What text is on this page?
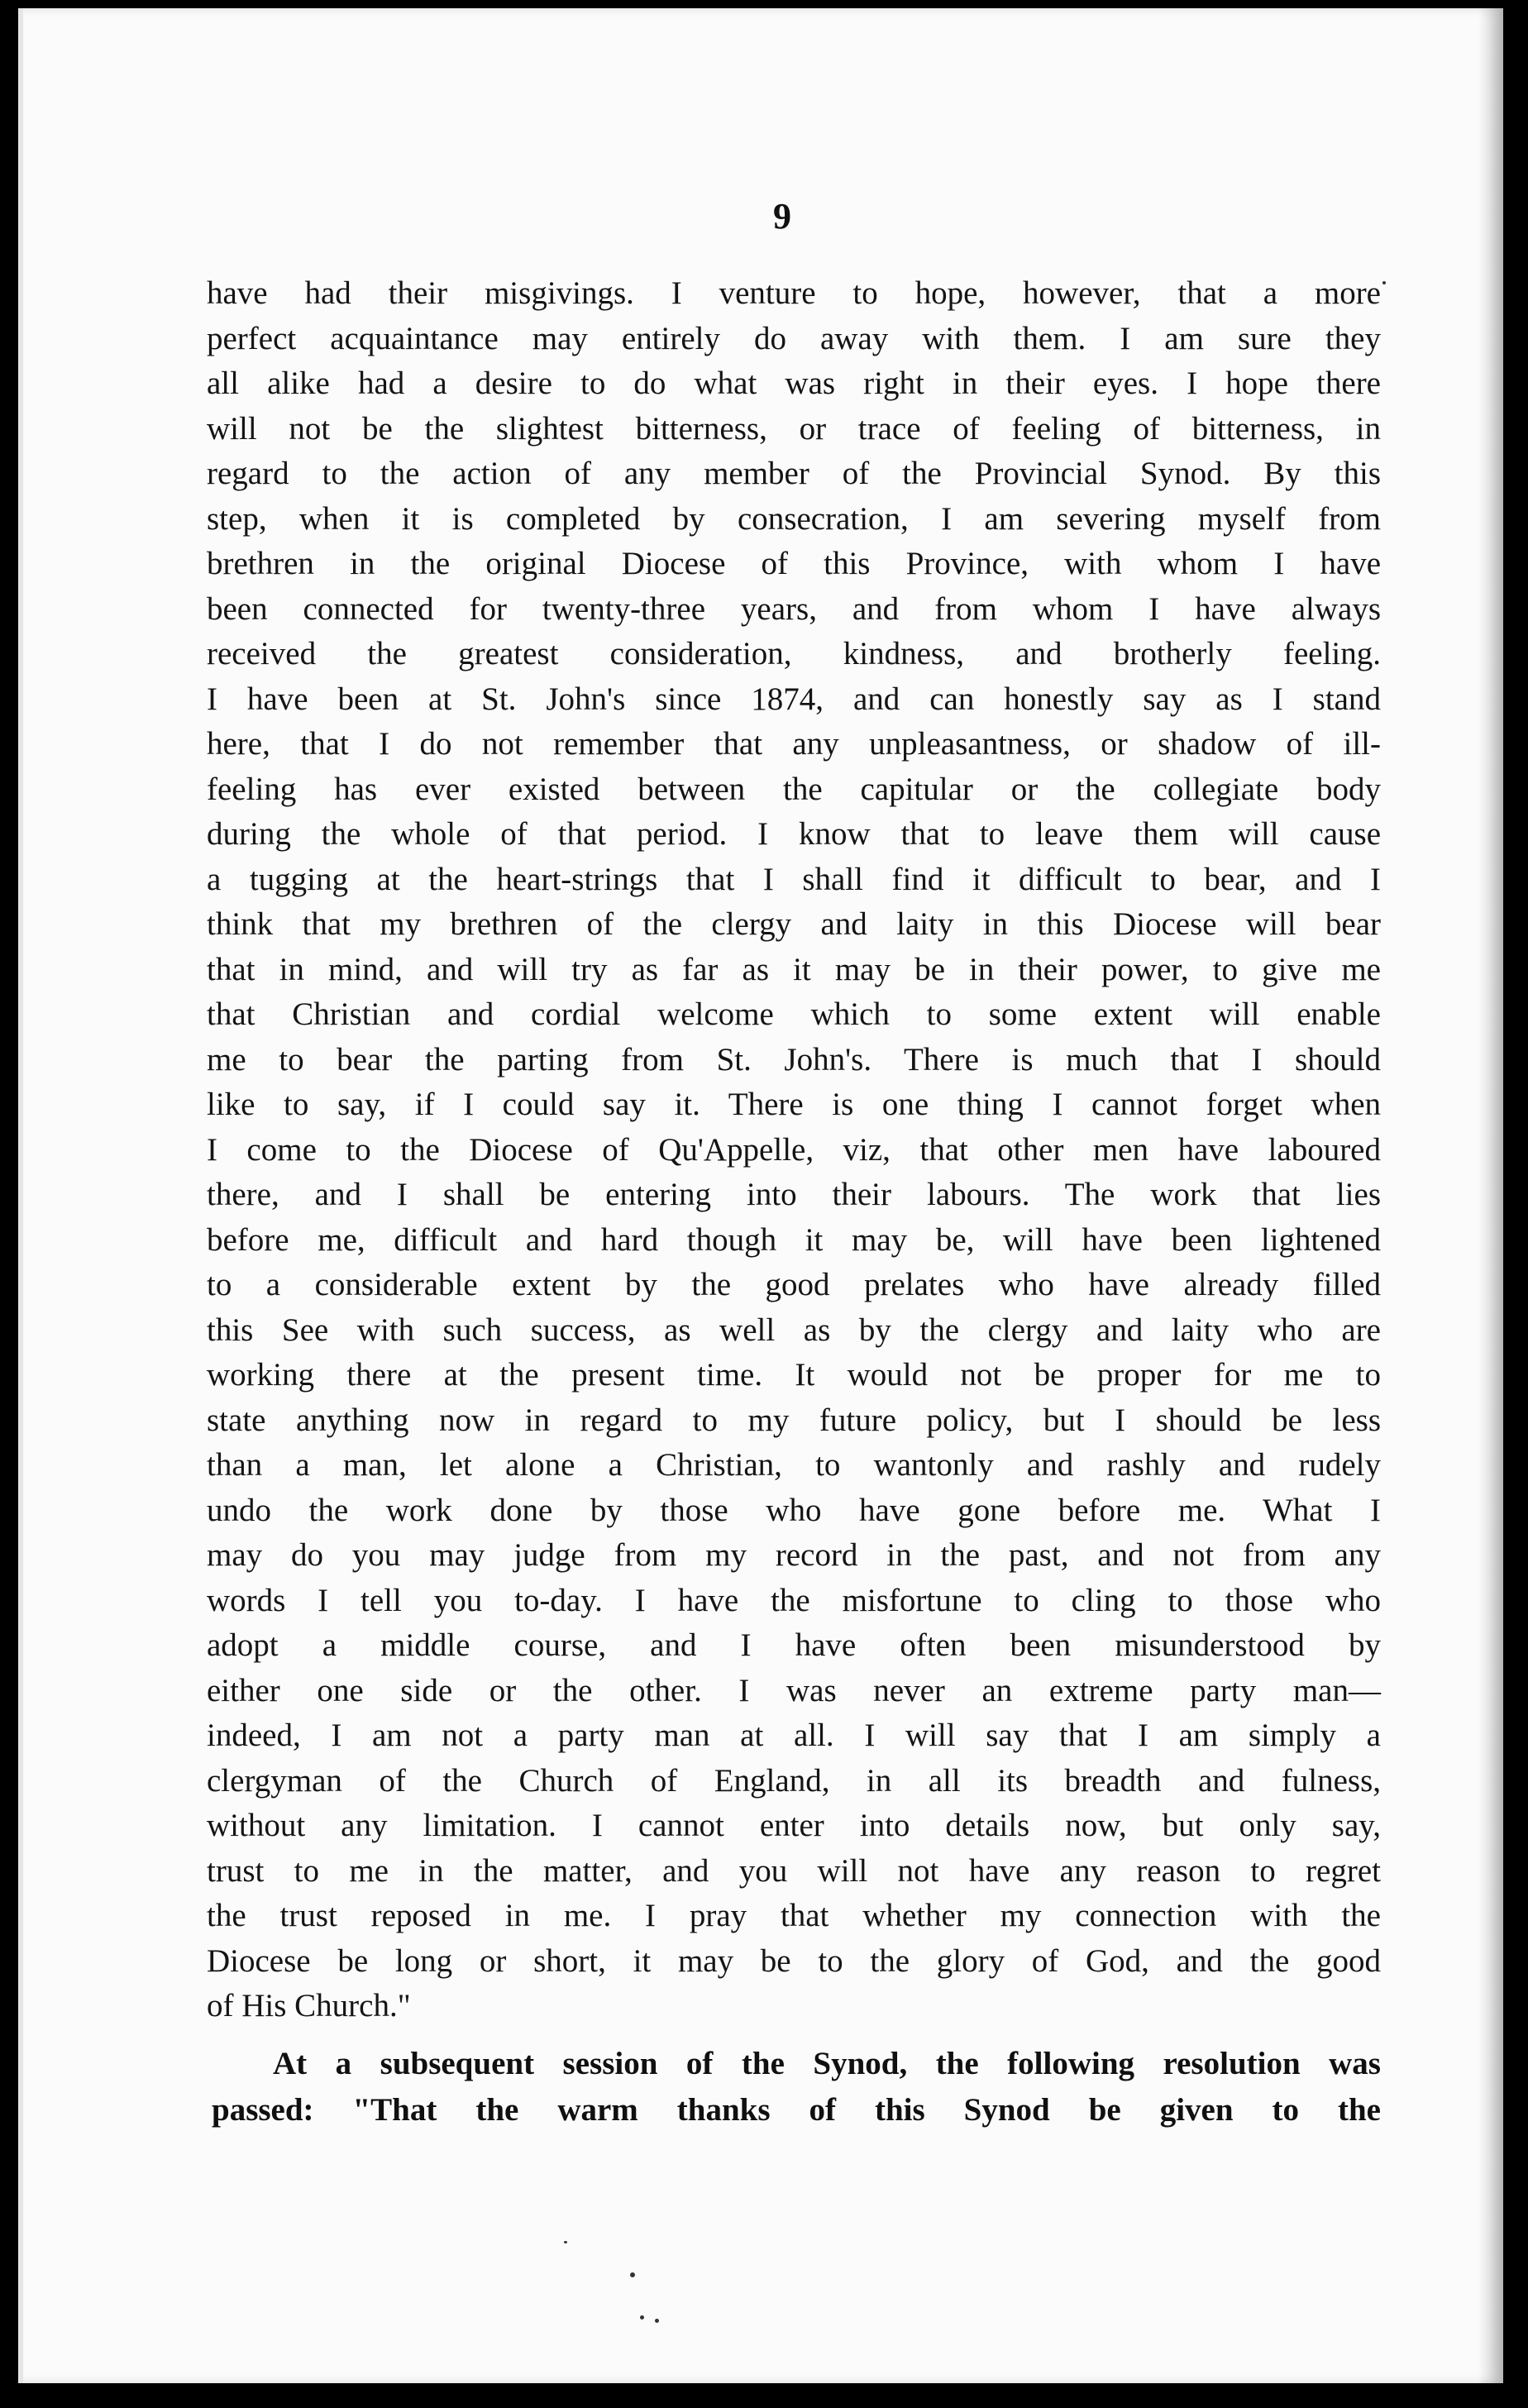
9
have had their misgivings. I venture to hope, however, that a more
perfect acquaintance may entirely do away with them. I am sure they
all alike had a desire to do what was right in their eyes. I hope there
will not be the slightest bitterness, or trace of feeling of bitterness, in
regard to the action of any member of the Provincial Synod. By this
step, when it is completed by consecration, I am severing myself from
brethren in the original Diocese of this Province, with whom I have
been connected for twenty-three years, and from whom I have always
received the greatest consideration, kindness, and brotherly feeling.
I have been at St. John's since 1874, and can honestly say as I stand
here, that I do not remember that any unpleasantness, or shadow of ill-
feeling has ever existed between the capitular or the collegiate body
during the whole of that period. I know that to leave them will cause
a tugging at the heart-strings that I shall find it difficult to bear, and I
think that my brethren of the clergy and laity in this Diocese will bear
that in mind, and will try as far as it may be in their power, to give me
that Christian and cordial welcome which to some extent will enable
me to bear the parting from St. John's. There is much that I should
like to say, if I could say it. There is one thing I cannot forget when
I come to the Diocese of Qu'Appelle, viz, that other men have laboured
there, and I shall be entering into their labours. The work that lies
before me, difficult and hard though it may be, will have been lightened
to a considerable extent by the good prelates who have already filled
this See with such success, as well as by the clergy and laity who are
working there at the present time. It would not be proper for me to
state anything now in regard to my future policy, but I should be less
than a man, let alone a Christian, to wantonly and rashly and rudely
undo the work done by those who have gone before me. What I
may do you may judge from my record in the past, and not from any
words I tell you to-day. I have the misfortune to cling to those who
adopt a middle course, and I have often been misunderstood by
either one side or the other. I was never an extreme party man—
indeed, I am not a party man at all. I will say that I am simply a
clergyman of the Church of England, in all its breadth and fulness,
without any limitation. I cannot enter into details now, but only say,
trust to me in the matter, and you will not have any reason to regret
the trust reposed in me. I pray that whether my connection with the
Diocese be long or short, it may be to the glory of God, and the good
of His Church."
At a subsequent session of the Synod, the following resolution was
passed: "That the warm thanks of this Synod be given to the
